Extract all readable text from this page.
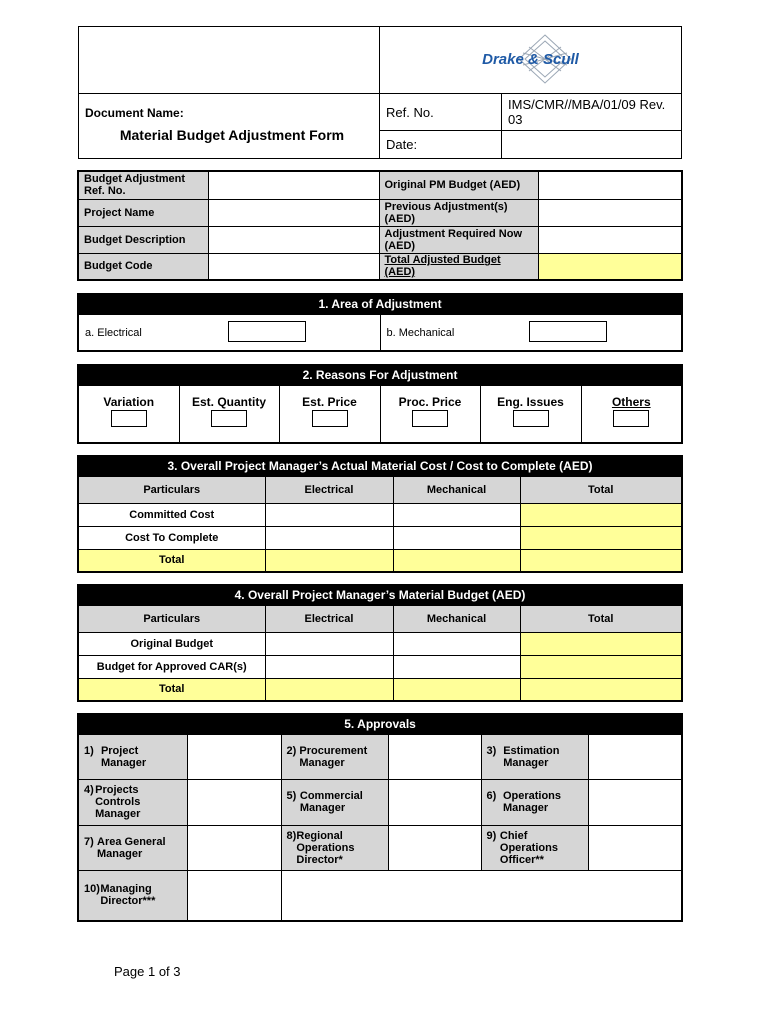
Drake & Scull	

Document Name:
Material Budget Adjustment Form	Ref. No.	IMS/CMR//MBA/01/09 Rev. 03
	Date:	
Budget Adjustment Ref. No.		Original PM Budget (AED)	
Project Name		Previous Adjustment(s) (AED)	
Budget Description		Adjustment Required Now (AED)	
Budget Code		Total Adjusted Budget (AED)	
1. Area of Adjustment
a. Electrical	b. Mechanical
2. Reasons For Adjustment

Variation	Est. Quantity	Est. Price	Proc. Price	Eng. Issues	Others
3. Overall Project Manager’s Actual Material Cost / Cost to Complete (AED)			
Particulars	Electrical	Mechanical	Total
Committed Cost			
Cost To Complete			
Total			
4. Overall Project Manager’s Material Budget (AED)			
Particulars	Electrical	Mechanical	Total
Original Budget			
Budget for Approved CAR(s)			
Total			
5. Approvals					

1) Project Manager		2) Procurement Manager		3) Estimation Manager	

4) Projects Controls Manager		5) Commercial Manager		6) Operations Manager	

7) Area General Manager		8) Regional Operations Director*		9) Chief Operations Officer**	

10) Managing Director***					

Page 1 of 3
